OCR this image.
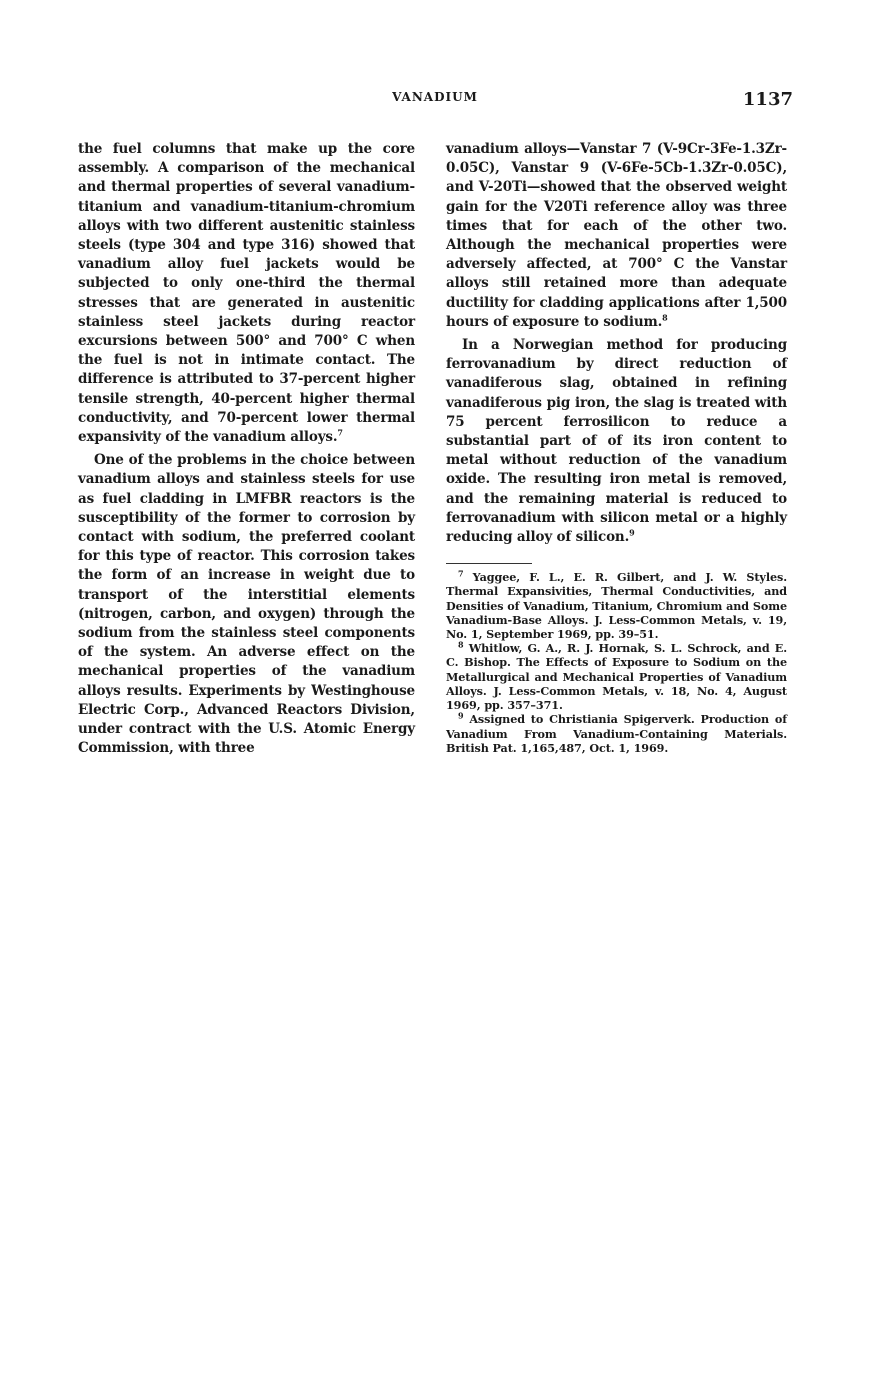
VANADIUM	1137

the fuel columns that make up the core assembly. A comparison of the mechanical and thermal properties of several vanadium-titanium and vanadium-titanium-chromium alloys with two different austenitic stainless steels (type 304 and type 316) showed that vanadium alloy fuel jackets would be subjected to only one-third the thermal stresses that are generated in austenitic stainless steel jackets during reactor excursions between 500° and 700° C when the fuel is not in intimate contact. The difference is attributed to 37-percent higher tensile strength, 40-percent higher thermal conductivity, and 70-percent lower thermal expansivity of the vanadium alloys.$^7$

One of the problems in the choice between vanadium alloys and stainless steels for use as fuel cladding in LMFBR reactors is the susceptibility of the former to corrosion by contact with sodium, the preferred coolant for this type of reactor. This corrosion takes the form of an increase in weight due to transport of the interstitial elements (nitrogen, carbon, and oxygen) through the sodium from the stainless steel components of the system. An adverse effect on the mechanical properties of the vanadium alloys results. Experiments by Westinghouse Electric Corp., Advanced Reactors Division, under contract with the U.S. Atomic Energy Commission, with three

vanadium alloys—Vanstar 7 (V-9Cr-3Fe-1.3Zr-0.05C), Vanstar 9 (V-6Fe-5Cb-1.3Zr-0.05C), and V-20Ti—showed that the observed weight gain for the V20Ti reference alloy was three times that for each of the other two. Although the mechanical properties were adversely affected, at 700° C the Vanstar alloys still retained more than adequate ductility for cladding applications after 1,500 hours of exposure to sodium.$^8$

In a Norwegian method for producing ferrovanadium by direct reduction of vanadiferous slag, obtained in refining vanadiferous pig iron, the slag is treated with 75 percent ferrosilicon to reduce a substantial part of of its iron content to metal without reduction of the vanadium oxide. The resulting iron metal is removed, and the remaining material is reduced to ferrovanadium with silicon metal or a highly reducing alloy of silicon.$^9$

$^7$ Yaggee, F. L., E. R. Gilbert, and J. W. Styles. Thermal Expansivities, Thermal Conductivities, and Densities of Vanadium, Titanium, Chromium and Some Vanadium-Base Alloys. J. Less-Common Metals, v. 19, No. 1, September 1969, pp. 39–51.

$^8$ Whitlow, G. A., R. J. Hornak, S. L. Schrock, and E. C. Bishop. The Effects of Exposure to Sodium on the Metallurgical and Mechanical Properties of Vanadium Alloys. J. Less-Common Metals, v. 18, No. 4, August 1969, pp. 357–371.

$^9$ Assigned to Christiania Spigerverk. Production of Vanadium From Vanadium-Containing Materials. British Pat. 1,165,487, Oct. 1, 1969.
